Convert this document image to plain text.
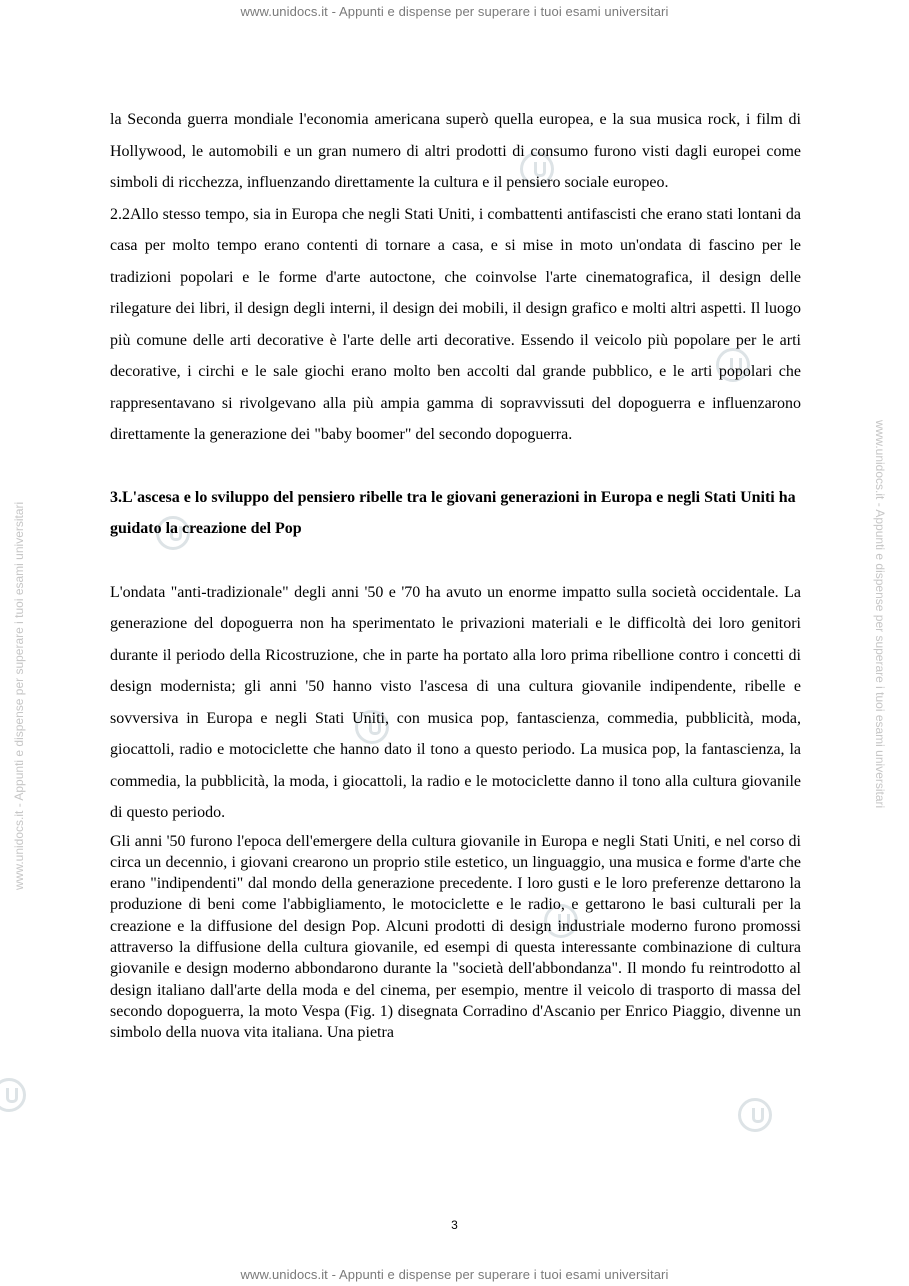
www.unidocs.it - Appunti e dispense per superare i tuoi esami universitari
www.unidocs.it - Appunti e dispense per superare i tuoi esami universitari	www.unidocs.it - Appunti e dispense per superare i tuoi esami universitari

la Seconda guerra mondiale l'economia americana superò quella europea, e la sua musica rock, i film di Hollywood, le automobili e un gran numero di altri prodotti di consumo furono visti dagli europei come simboli di ricchezza, influenzando direttamente la cultura e il pensiero sociale europeo.

2.2Allo stesso tempo, sia in Europa che negli Stati Uniti, i combattenti antifascisti che erano stati lontani da casa per molto tempo erano contenti di tornare a casa, e si mise in moto un'ondata di fascino per le tradizioni popolari e le forme d'arte autoctone, che coinvolse l'arte cinematografica, il design delle rilegature dei libri, il design degli interni, il design dei mobili, il design grafico e molti altri aspetti. Il luogo più comune delle arti decorative è l'arte delle arti decorative. Essendo il veicolo più popolare per le arti decorative, i circhi e le sale giochi erano molto ben accolti dal grande pubblico, e le arti popolari che rappresentavano si rivolgevano alla più ampia gamma di sopravvissuti del dopoguerra e influenzarono direttamente la generazione dei "baby boomer" del secondo dopoguerra.

3.L'ascesa e lo sviluppo del pensiero ribelle tra le giovani generazioni in Europa e negli Stati Uniti ha guidato la creazione del Pop

L'ondata "anti-tradizionale" degli anni '50 e '70 ha avuto un enorme impatto sulla società occidentale. La generazione del dopoguerra non ha sperimentato le privazioni materiali e le difficoltà dei loro genitori durante il periodo della Ricostruzione, che in parte ha portato alla loro prima ribellione contro i concetti di design modernista; gli anni '50 hanno visto l'ascesa di una cultura giovanile indipendente, ribelle e sovversiva in Europa e negli Stati Uniti, con musica pop, fantascienza, commedia, pubblicità, moda, giocattoli, radio e motociclette che hanno dato il tono a questo periodo. La musica pop, la fantascienza, la commedia, la pubblicità, la moda, i giocattoli, la radio e le motociclette danno il tono alla cultura giovanile di questo periodo.

Gli anni '50 furono l'epoca dell'emergere della cultura giovanile in Europa e negli Stati Uniti, e nel corso di circa un decennio, i giovani crearono un proprio stile estetico, un linguaggio, una musica e forme d'arte che erano "indipendenti" dal mondo della generazione precedente. I loro gusti e le loro preferenze dettarono la produzione di beni come l'abbigliamento, le motociclette e le radio, e gettarono le basi culturali per la creazione e la diffusione del design Pop. Alcuni prodotti di design industriale moderno furono promossi attraverso la diffusione della cultura giovanile, ed esempi di questa interessante combinazione di cultura giovanile e design moderno abbondarono durante la "società dell'abbondanza". Il mondo fu reintrodotto al design italiano dall'arte della moda e del cinema, per esempio, mentre il veicolo di trasporto di massa del secondo dopoguerra, la moto Vespa (Fig. 1) disegnata Corradino d'Ascanio per Enrico Piaggio, divenne un simbolo della nuova vita italiana. Una pietra

3
www.unidocs.it - Appunti e dispense per superare i tuoi esami universitari
